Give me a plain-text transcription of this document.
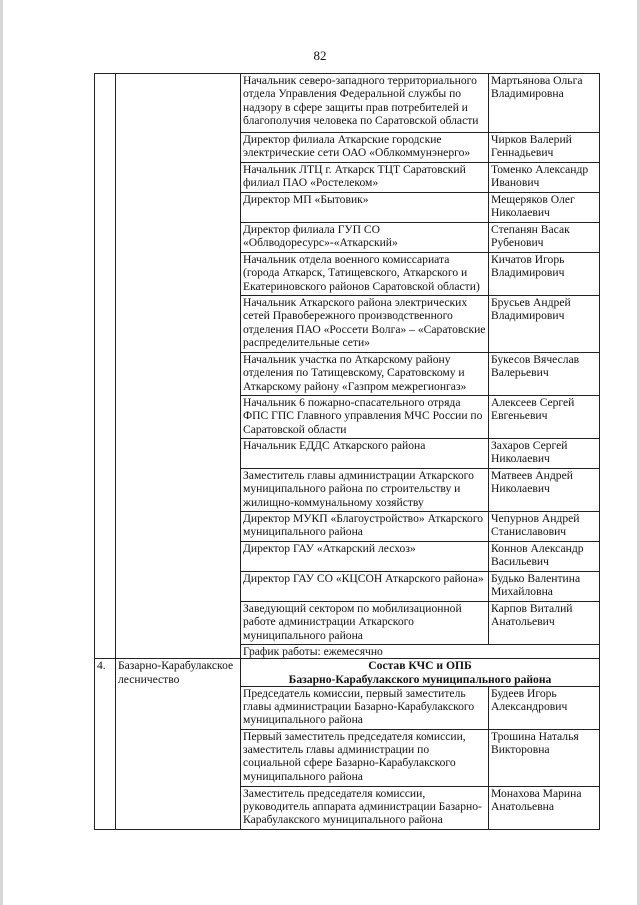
82
		Начальник северо-западного территориального отдела Управления Федеральной службы по надзору в сфере защиты прав потребителей и благополучия человека по Саратовской области	Мартьянова Ольга Владимировна
		Директор филиала Аткарские городские электрические сети ОАО «Облкоммунэнерго»	Чирков Валерий Геннадьевич
		Начальник ЛТЦ г. Аткарск ТЦТ Саратовский филиал ПАО «Ростелеком»	Томенко Александр Иванович
		Директор МП «Бытовик»	Мещеряков Олег Николаевич
		Директор филиала ГУП СО «Облводоресурс»-«Аткарский»	Степанян Васак Рубенович
		Начальник отдела военного комиссариата (города Аткарск, Татищевского, Аткарского и Екатериновского районов Саратовской области)	Кичатов Игорь Владимирович
		Начальник Аткарского района электрических сетей Правобережного производственного отделения ПАО «Россети Волга» – «Саратовские распределительные сети»	Брусьев Андрей Владимирович
		Начальник участка по Аткарскому району отделения по Татищевскому, Саратовскому и Аткарскому району «Газпром межрегионгаз»	Букесов Вячеслав Валерьевич
		Начальник 6 пожарно-спасательного отряда ФПС ГПС Главного управления МЧС России по Саратовской области	Алексеев Сергей Евгеньевич
		Начальник ЕДДС Аткарского района	Захаров Сергей Николаевич
		Заместитель главы администрации Аткарского муниципального района по строительству и жилищно-коммунальному хозяйству	Матвеев Андрей Николаевич
		Директор МУКП «Благоустройство» Аткарского муниципального района	Чепурнов Андрей Станиславович
		Директор ГАУ «Аткарский лесхоз»	Коннов Александр Васильевич
		Директор ГАУ СО «КЦСОН Аткарского района»	Будько Валентина Михайловна
		Заведующий сектором по мобилизационной работе администрации Аткарского муниципального района	Карпов Виталий Анатольевич
		График работы: ежемесячно	
4.	Базарно-Карабулакское лесничество	Состав КЧС и ОПБ
Базарно-Карабулакского муниципального района	

		Председатель комиссии, первый заместитель главы администрации Базарно-Карабулакского муниципального района	Будеев Игорь Александрович
		Первый заместитель председателя комиссии, заместитель главы администрации по социальной сфере Базарно-Карабулакского муниципального района	Трошина Наталья Викторовна
		Заместитель председателя комиссии, руководитель аппарата администрации Базарно-Карабулакского муниципального района	Монахова Марина Анатольевна
